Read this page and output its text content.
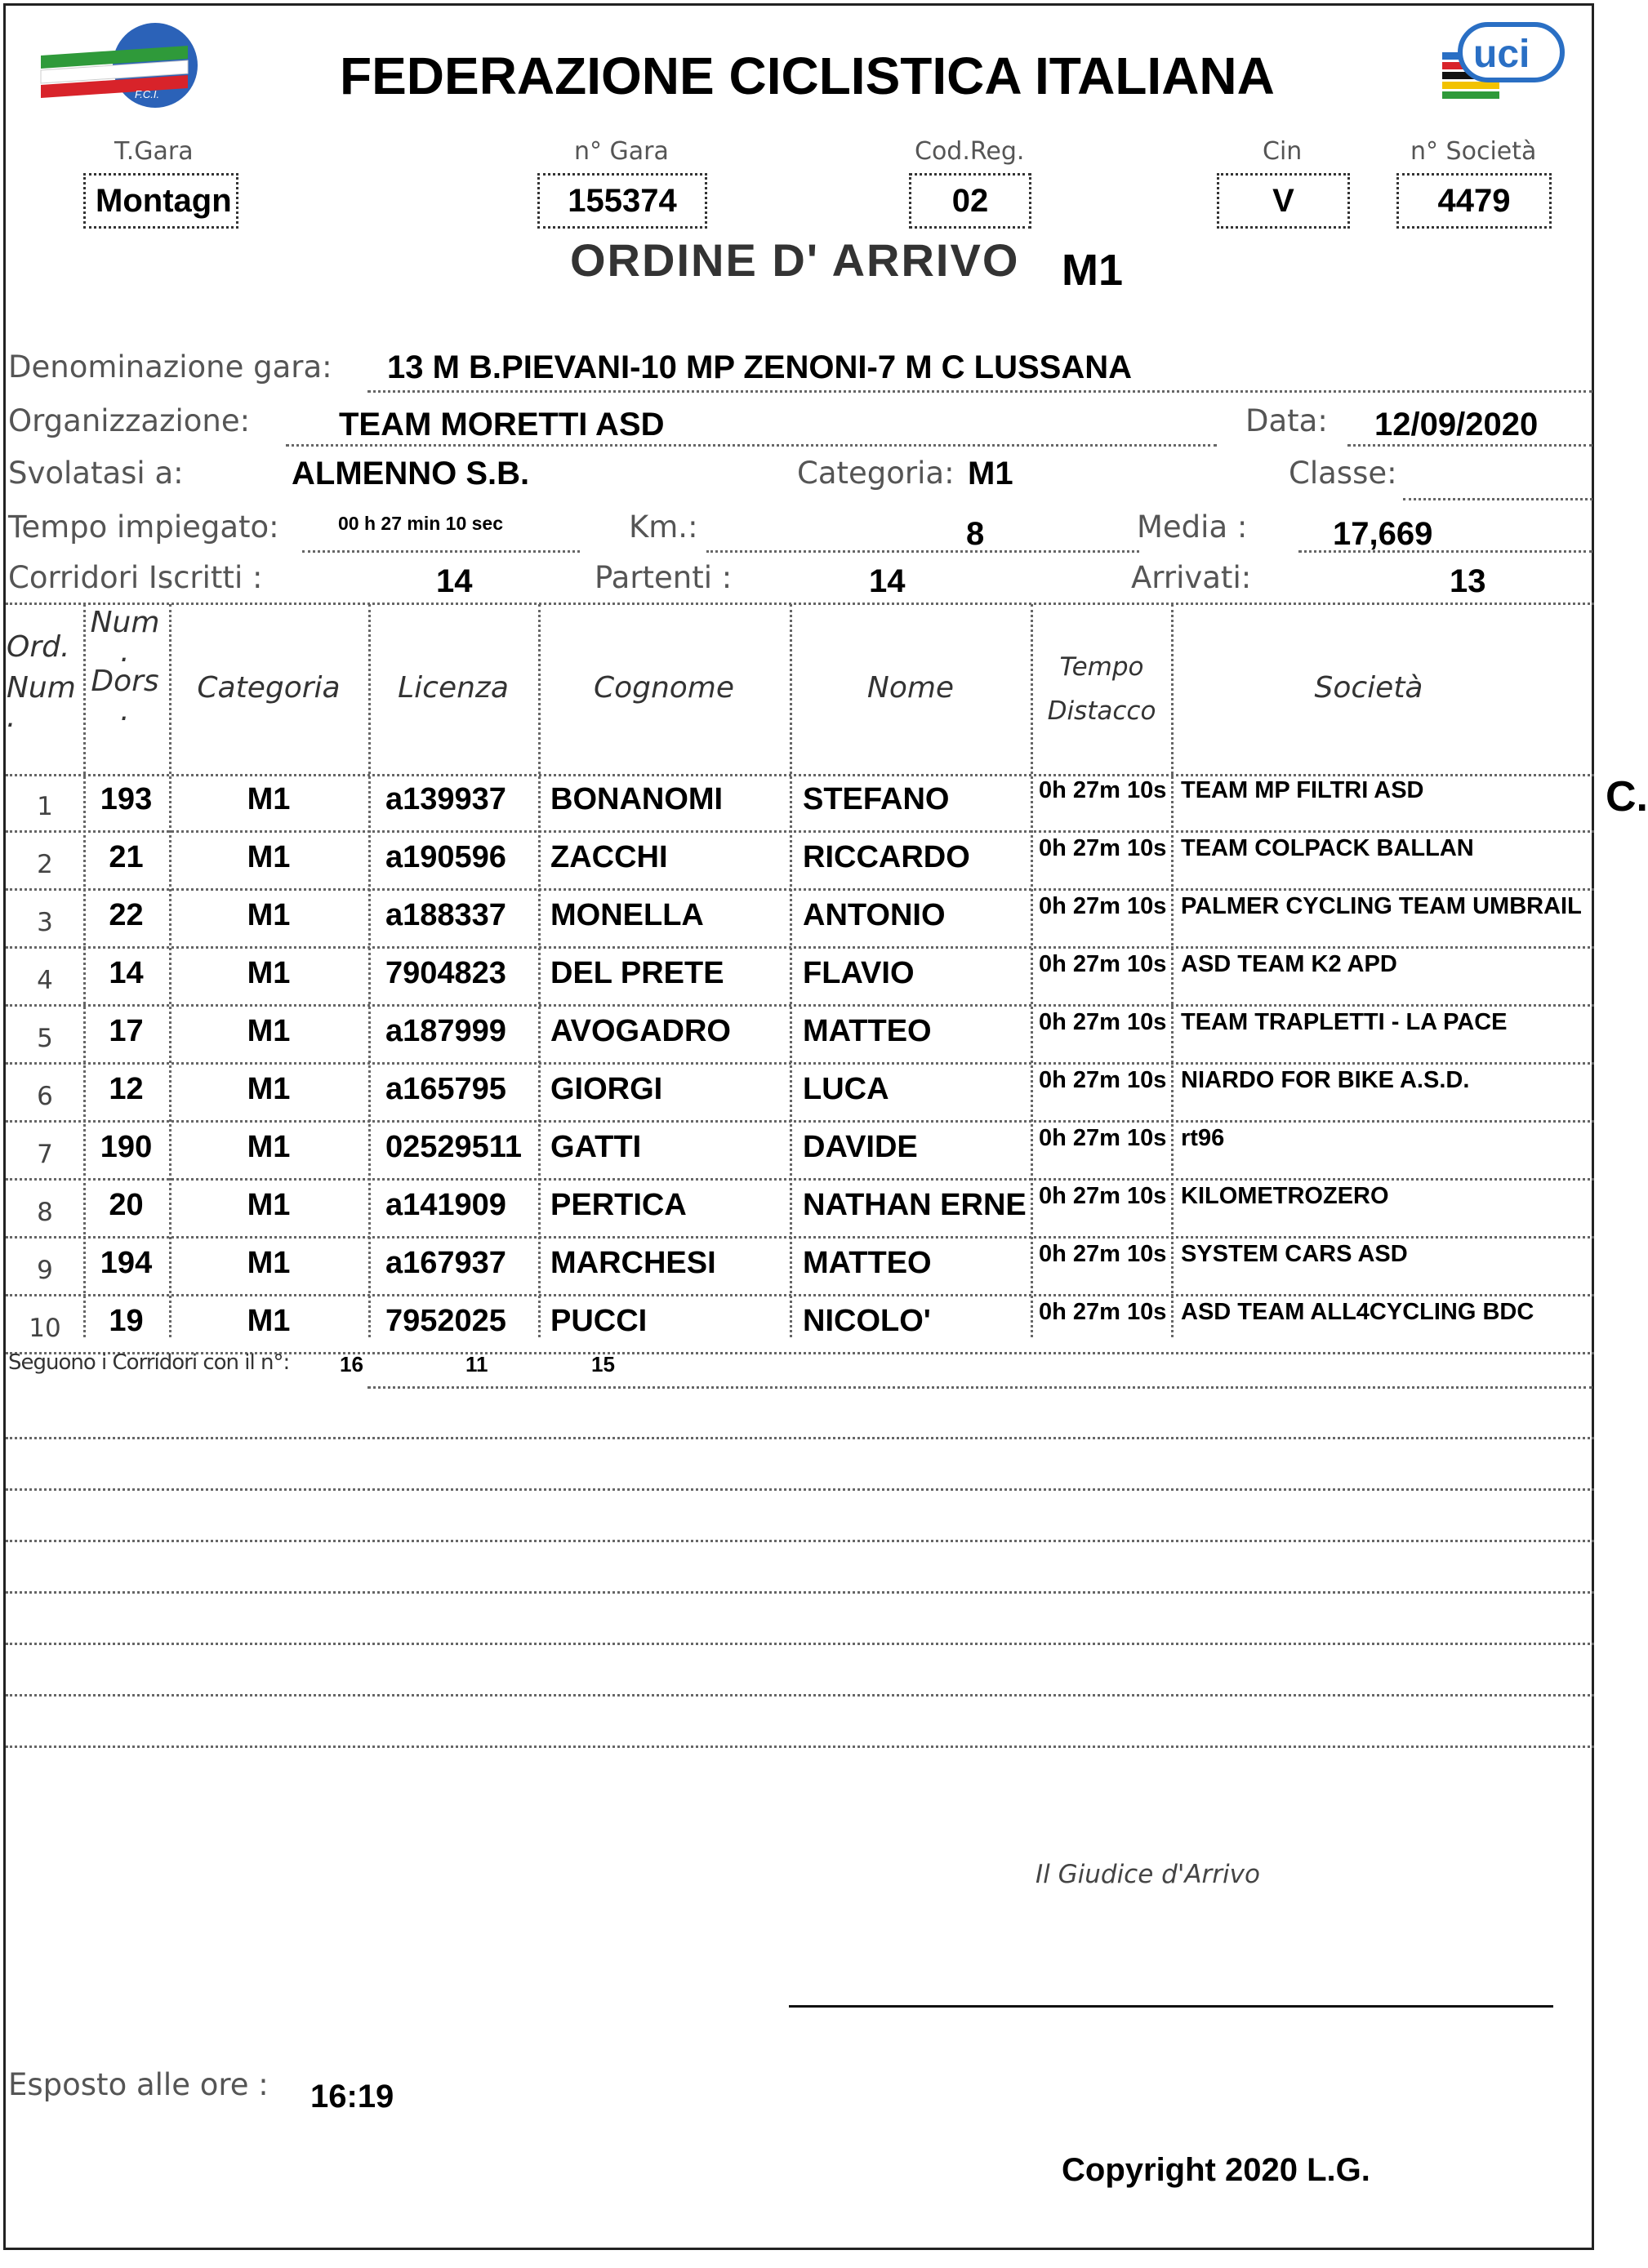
F.C.I.	FEDERAZIONE CICLISTICA ITALIANA	uci
T.Gara
Montagn
n° Gara
155374
Cod.Reg.
02
Cin
V
n° Società
4479
ORDINE D' ARRIVO M1
Denominazione gara: 13 M B.PIEVANI-10 MP ZENONI-7 M C LUSSANA
Organizzazione:	TEAM MORETTI ASD	Data: 12/09/2020
Svolatasi a:	ALMENNO S.B.	Categoria: M1	Classe:
Tempo impiegato:	00 h 27 min 10 sec	Km.:	8	Media :	17,669
Corridori Iscritti :	14	Partenti :	14	Arrivati:	13
Ord.
Num
.
Num
.
Dors
.
Categoria	Licenza	Cognome	Nome
Tempo
Distacco
Società
1	193	M1	a139937	BONANOMI	STEFANO	0h 27m 10s TEAM MP FILTRI ASD
2	21	M1	a190596	ZACCHI	RICCARDO	0h 27m 10s TEAM COLPACK BALLAN
3	22	M1	a188337	MONELLA	ANTONIO	0h 27m 10s PALMER CYCLING TEAM UMBRAIL
4	14	M1	7904823	DEL PRETE	FLAVIO	0h 27m 10s ASD TEAM K2 APD
5	17	M1	a187999	AVOGADRO	MATTEO	0h 27m 10s TEAM TRAPLETTI - LA PACE
6	12	M1	a165795	GIORGI	LUCA	0h 27m 10s NIARDO FOR BIKE A.S.D.
7	190	M1	02529511 GATTI	DAVIDE	0h 27m 10s rt96
8	20	M1	a141909	PERTICA	NATHAN ERNE 0h 27m 10s KILOMETROZERO
9	194	M1	a167937	MARCHESI	MATTEO	0h 27m 10s SYSTEM CARS ASD
10	19	M1	7952025	PUCCI	NICOLO'	0h 27m 10s ASD TEAM ALL4CYCLING BDC
C.
Seguono i Corridori con il n°: 16	11	15
Il Giudice d'Arrivo
Esposto alle ore : 16:19
Copyright 2020 L.G.
